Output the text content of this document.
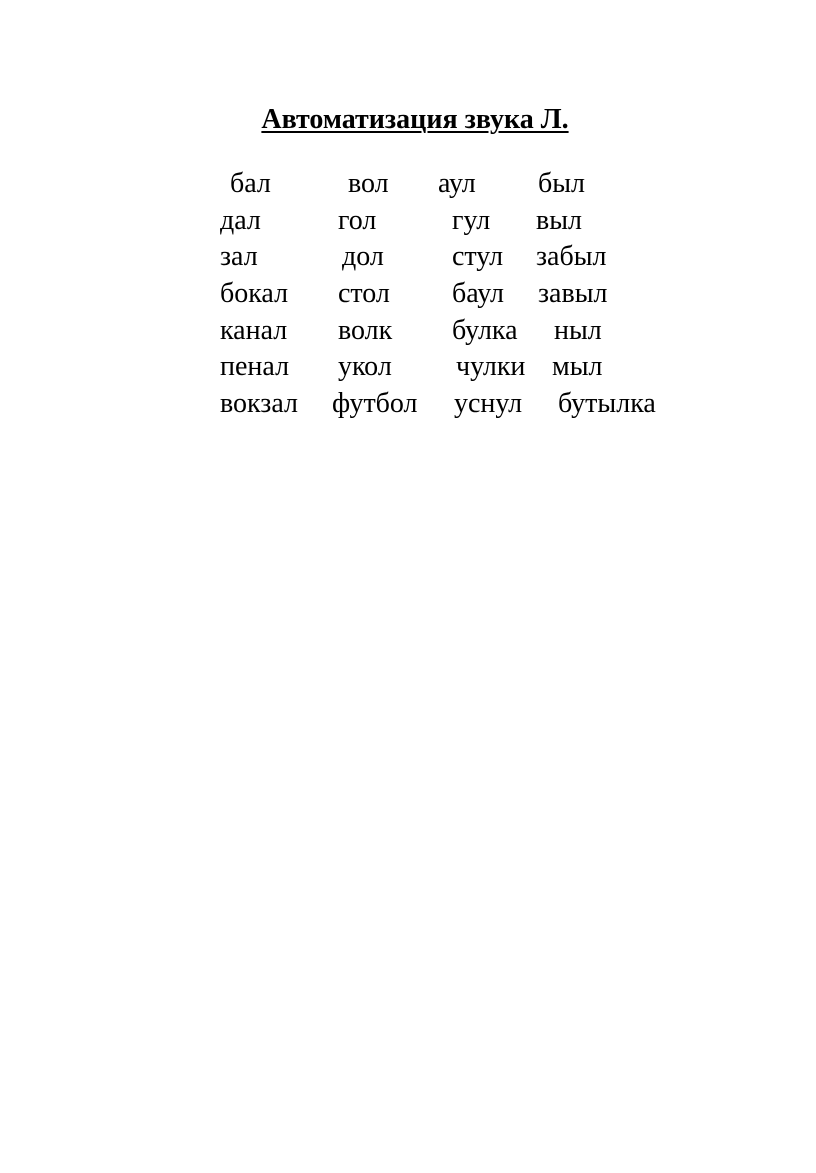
Автоматизация звука Л.
бал	вол аул был
дал	гол	гул выл
зал	дол стул забыл
бокал стол баул завыл
канал волк булка ныл
пенал укол чулки мыл
вокзал футбол уснул бутылка
